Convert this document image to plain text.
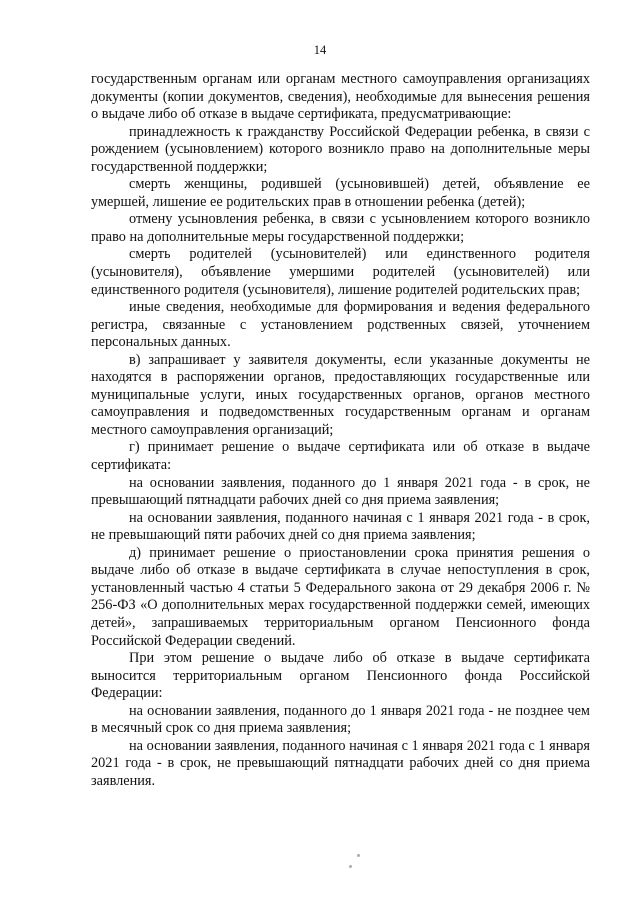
14

государственным органам или органам местного самоуправления организациях документы (копии документов, сведения), необходимые для вынесения решения о выдаче либо об отказе в выдаче сертификата, предусматривающие:

принадлежность к гражданству Российской Федерации ребенка, в связи с рождением (усыновлением) которого возникло право на дополнительные меры государственной поддержки;

смерть женщины, родившей (усыновившей) детей, объявление ее умершей, лишение ее родительских прав в отношении ребенка (детей);

отмену усыновления ребенка, в связи с усыновлением которого возникло право на дополнительные меры государственной поддержки;

смерть родителей (усыновителей) или единственного родителя (усыновителя), объявление умершими родителей (усыновителей) или единственного родителя (усыновителя), лишение родителей родительских прав;

иные сведения, необходимые для формирования и ведения федерального регистра, связанные с установлением родственных связей, уточнением персональных данных.

в) запрашивает у заявителя документы, если указанные документы не находятся в распоряжении органов, предоставляющих государственные или муниципальные услуги, иных государственных органов, органов местного самоуправления и подведомственных государственным органам и органам местного самоуправления организаций;

г) принимает решение о выдаче сертификата или об отказе в выдаче сертификата:

на основании заявления, поданного до 1 января 2021 года - в срок, не превышающий пятнадцати рабочих дней со дня приема заявления;

на основании заявления, поданного начиная с 1 января 2021 года - в срок, не превышающий пяти рабочих дней со дня приема заявления;

д) принимает решение о приостановлении срока принятия решения о выдаче либо об отказе в выдаче сертификата в случае непоступления в срок, установленный частью 4 статьи 5 Федерального закона от 29 декабря 2006 г. № 256-ФЗ «О дополнительных мерах государственной поддержки семей, имеющих детей», запрашиваемых территориальным органом Пенсионного фонда Российской Федерации сведений.

При этом решение о выдаче либо об отказе в выдаче сертификата выносится территориальным органом Пенсионного фонда Российской Федерации:

на основании заявления, поданного до 1 января 2021 года - не позднее чем в месячный срок со дня приема заявления;

на основании заявления, поданного начиная с 1 января 2021 года с 1 января 2021 года - в срок, не превышающий пятнадцати рабочих дней со дня приема заявления.
